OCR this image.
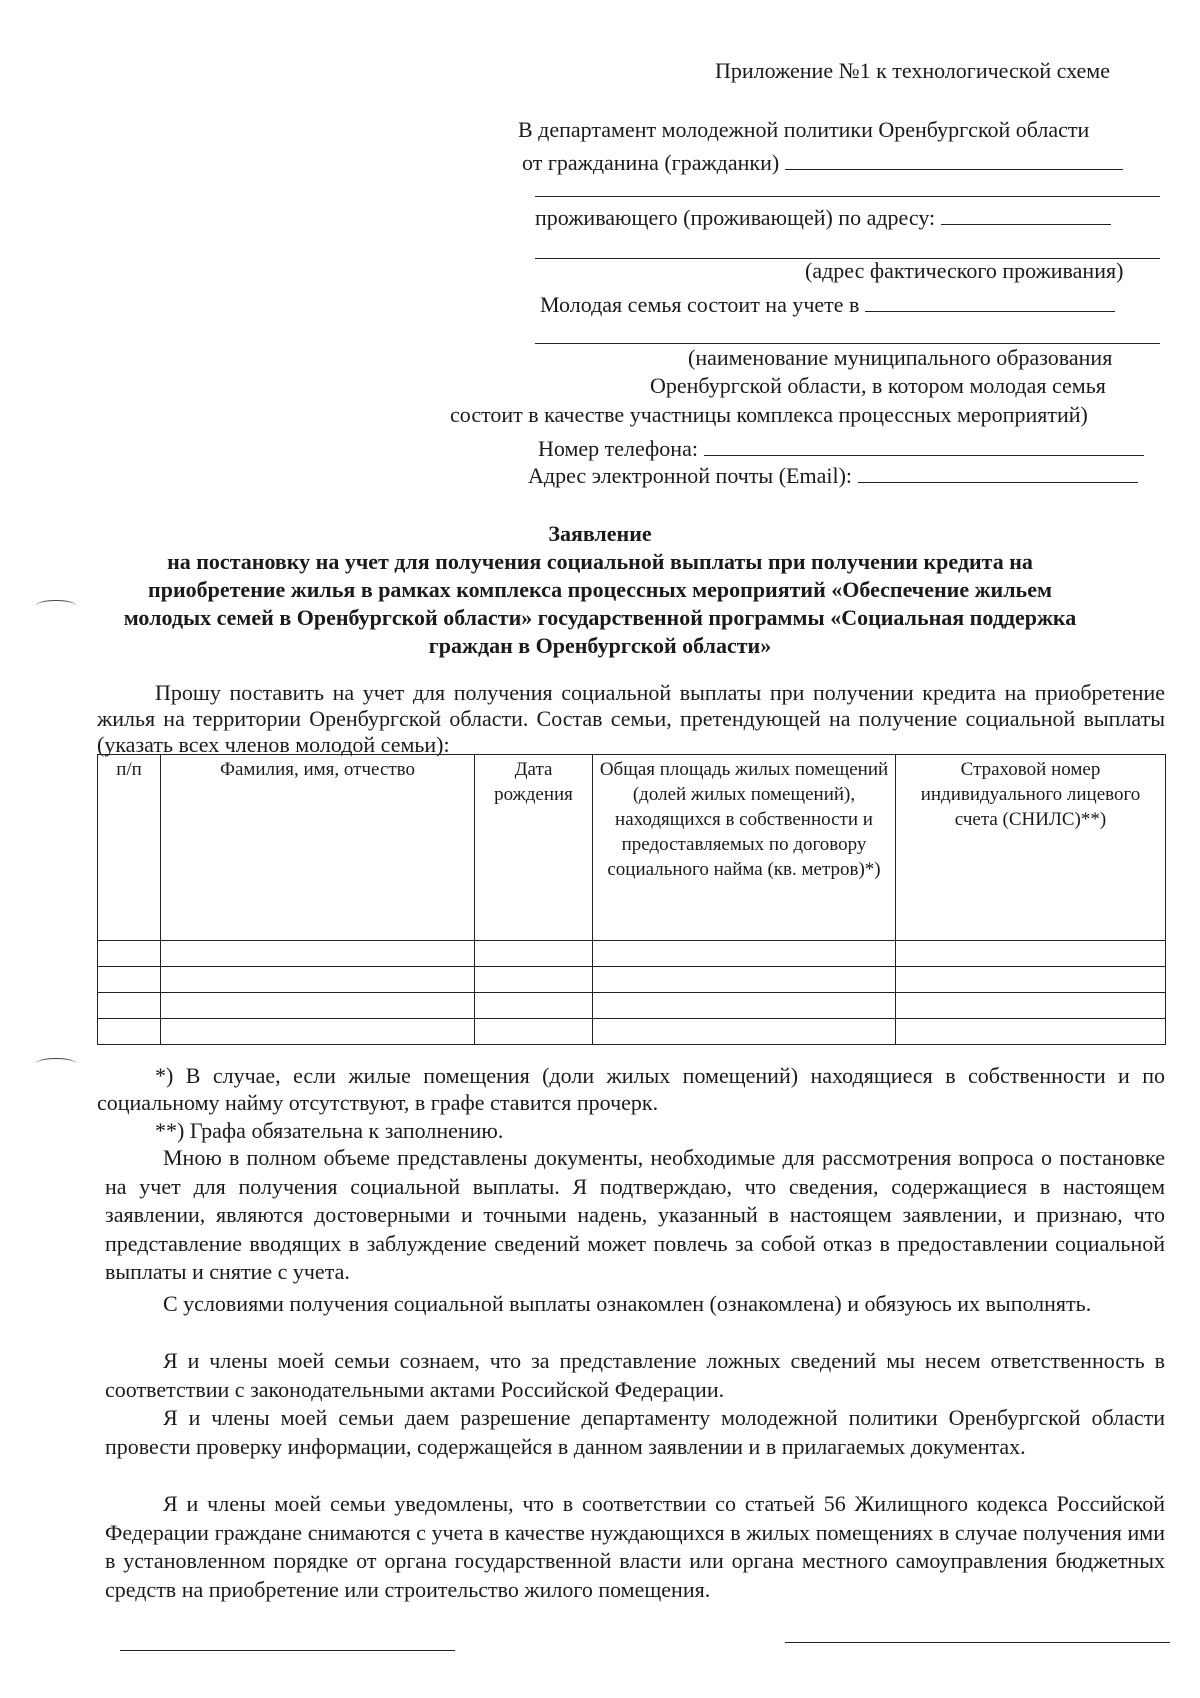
Приложение №1 к технологической схеме
В департамент молодежной политики Оренбургской области
от гражданина (гражданки)
проживающего (проживающей) по адресу:
(адрес фактического проживания)
Молодая семья состоит на учете в
(наименование муниципального образования
Оренбургской области, в котором молодая семья
состоит в качестве участницы комплекса процессных мероприятий)
Номер телефона:
Адрес электронной почты (Email):
Заявление
на постановку на учет для получения социальной выплаты при получении кредита на
приобретение жилья в рамках комплекса процессных мероприятий «Обеспечение жильем
молодых семей в Оренбургской области» государственной программы «Социальная поддержка
граждан в Оренбургской области»
Прошу поставить на учет для получения социальной выплаты при получении кредита на приобретение жилья на территории Оренбургской области. Состав семьи, претендующей на получение социальной выплаты (указать всех членов молодой семьи):
п/п	Фамилия, имя, отчество	Дата рождения	Общая площадь жилых помещений (долей жилых помещений), находящихся в собственности и предоставляемых по договору социального найма (кв. метров)*)	Страховой номер индивидуального лицевого счета (СНИЛС)**)

*) В случае, если жилые помещения (доли жилых помещений) находящиеся в собственности и по социальному найму отсутствуют, в графе ставится прочерк.
**) Графа обязательна к заполнению.
Мною в полном объеме представлены документы, необходимые для рассмотрения вопроса о постановке на учет для получения социальной выплаты. Я подтверждаю, что сведения, содержащиеся в настоящем заявлении, являются достоверными и точными надень, указанный в настоящем заявлении, и признаю, что представление вводящих в заблуждение сведений может повлечь за собой отказ в предоставлении социальной выплаты и снятие с учета.
С условиями получения социальной выплаты ознакомлен (ознакомлена) и обязуюсь их выполнять.
Я и члены моей семьи сознаем, что за представление ложных сведений мы несем ответственность в соответствии с законодательными актами Российской Федерации.
Я и члены моей семьи даем разрешение департаменту молодежной политики Оренбургской области провести проверку информации, содержащейся в данном заявлении и в прилагаемых документах.
Я и члены моей семьи уведомлены, что в соответствии со статьей 56 Жилищного кодекса Российской Федерации граждане снимаются с учета в качестве нуждающихся в жилых помещениях в случае получения ими в установленном порядке от органа государственной власти или органа местного самоуправления бюджетных средств на приобретение или строительство жилого помещения.
